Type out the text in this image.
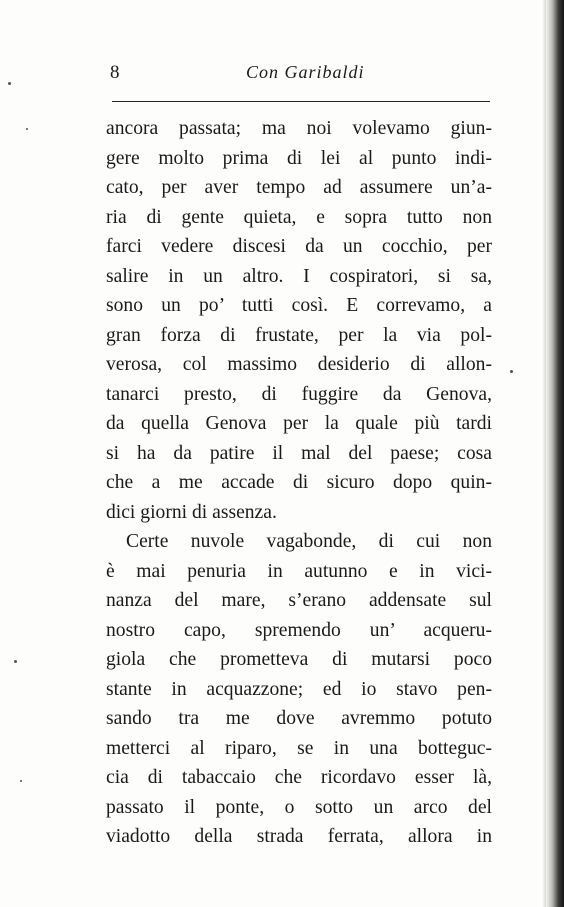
8	Con Garibaldi
ancora passata; ma noi volevamo giun-
gere molto prima di lei al punto indi-
cato, per aver tempo ad assumere un’a-
ria di gente quieta, e sopra tutto non
farci vedere discesi da un cocchio, per
salire in un altro. I cospiratori, si sa,
sono un po’ tutti così. E correvamo, a
gran forza di frustate, per la via pol-
verosa, col massimo desiderio di allon-
tanarci presto, di fuggire da Genova,
da quella Genova per la quale più tardi
si ha da patire il mal del paese; cosa
che a me accade di sicuro dopo quin-
dici giorni di assenza.
Certe nuvole vagabonde, di cui non
è mai penuria in autunno e in vici-
nanza del mare, s’erano addensate sul
nostro capo, spremendo un’ acqueru-
giola che prometteva di mutarsi poco
stante in acquazzone; ed io stavo pen-
sando tra me dove avremmo potuto
metterci al riparo, se in una botteguc-
cia di tabaccaio che ricordavo esser là,
passato il ponte, o sotto un arco del
viadotto della strada ferrata, allora in
